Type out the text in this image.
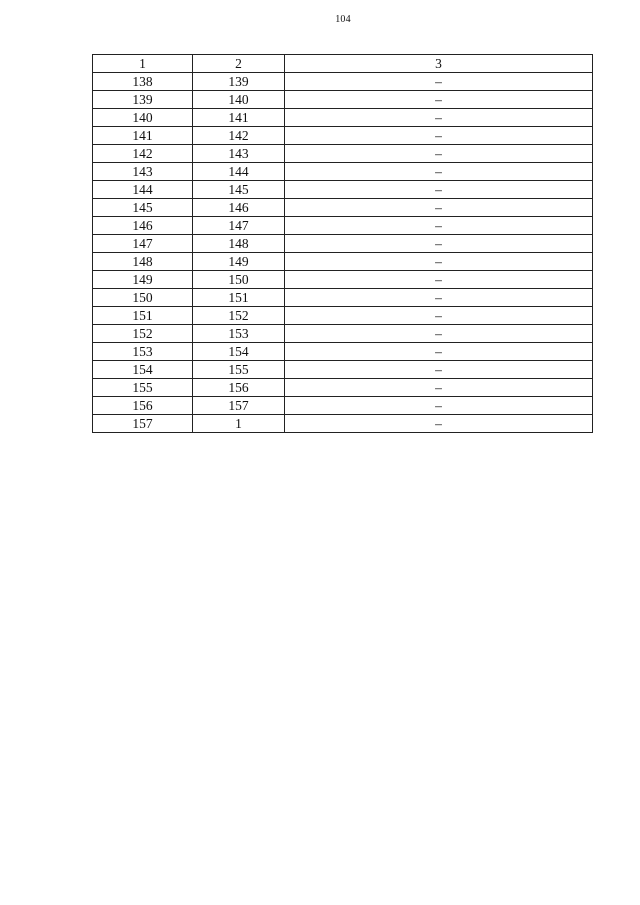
104
1	2	3
138	139	–
139	140	–
140	141	–
141	142	–
142	143	–
143	144	–
144	145	–
145	146	–
146	147	–
147	148	–
148	149	–
149	150	–
150	151	–
151	152	–
152	153	–
153	154	–
154	155	–
155	156	–
156	157	–
157	1	–
